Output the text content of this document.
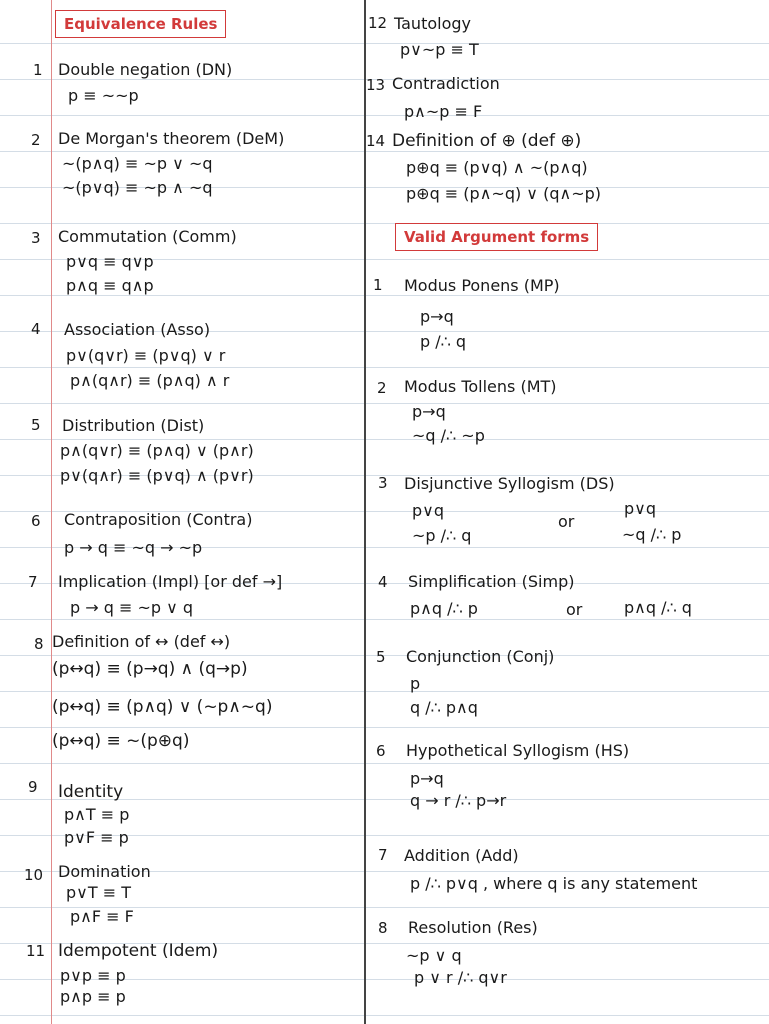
Equivalence Rules
1 Double negation (DN)
p ≡ ~~p
2 De Morgan's theorem (DeM)
~(p∧q) ≡ ~p ∨ ~q
~(p∨q) ≡ ~p ∧ ~q
3 Commutation (Comm)
p∨q ≡ q∨p
p∧q ≡ q∧p
4 Association (Asso)
p∨(q∨r) ≡ (p∨q) ∨ r
p∧(q∧r) ≡ (p∧q) ∧ r
5 Distribution (Dist)
p∧(q∨r) ≡ (p∧q) ∨ (p∧r)
p∨(q∧r) ≡ (p∨q) ∧ (p∨r)
6 Contraposition (Contra)
p → q ≡ ~q → ~p
7 Implication (Impl) [or def →]
p → q ≡ ~p ∨ q
8 Definition of ↔ (def ↔)
(p↔q) ≡ (p→q) ∧ (q→p)
(p↔q) ≡ (p∧q) ∨ (~p∧~q)
(p↔q) ≡ ~(p⊕q)
9 Identity
p∧T ≡ p
p∨F ≡ p
10 Domination
p∨T ≡ T
p∧F ≡ F
11 Idempotent (Idem)
p∨p ≡ p
p∧p ≡ p
12 Tautology
p∨~p ≡ T
13 Contradiction
p∧~p ≡ F
14 Definition of ⊕ (def ⊕)
p⊕q ≡ (p∨q) ∧ ~(p∧q)
p⊕q ≡ (p∧~q) ∨ (q∧~p)
Valid Argument forms
1 Modus Ponens (MP)
p→q
p /∴ q
2 Modus Tollens (MT)
p→q
~q /∴ ~p
3 Disjunctive Syllogism (DS)
p∨q
~p /∴ q
or
p∨q
~q /∴ p
4 Simplification (Simp)
p∧q /∴ p	or	p∧q /∴ q
5 Conjunction (Conj)
p
q /∴ p∧q
6 Hypothetical Syllogism (HS)
p→q
q → r /∴ p→r
7 Addition (Add)
p /∴ p∨q , where q is any statement
8 Resolution (Res)
~p ∨ q
p ∨ r /∴ q∨r
